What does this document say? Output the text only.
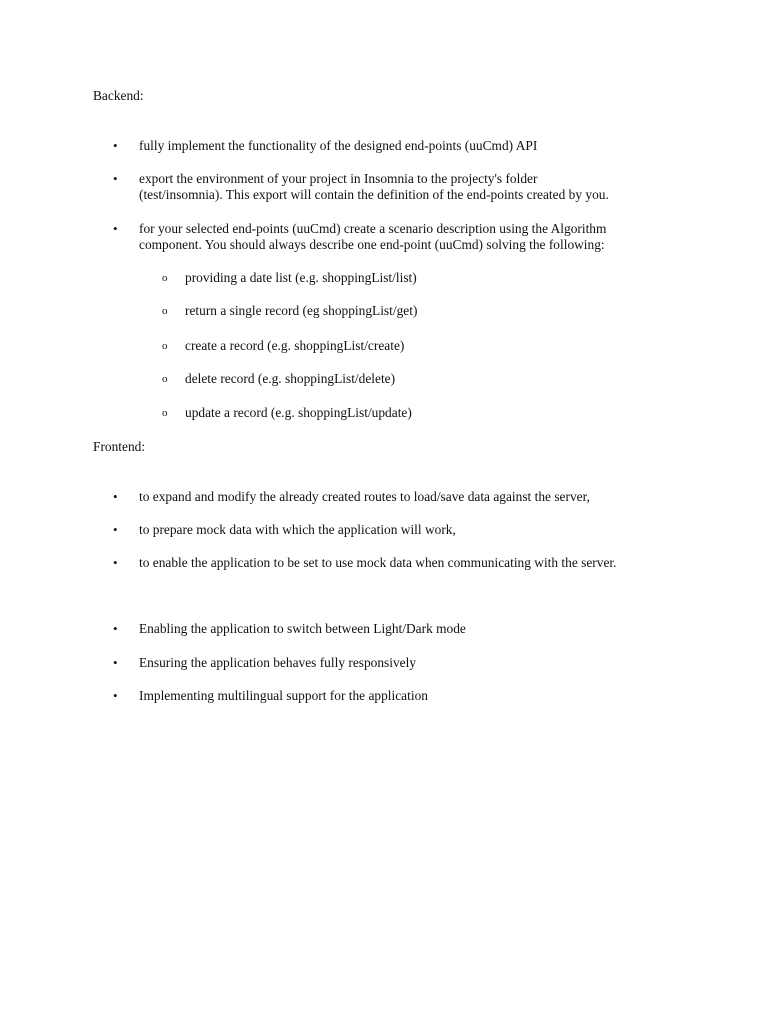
Backend:
•	fully implement the functionality of the designed end-points (uuCmd) API
•	export the environment of your project in Insomnia to the projecty's folder
(test/insomnia). This export will contain the definition of the end-points created by you.
•	for your selected end-points (uuCmd) create a scenario description using the Algorithm
component. You should always describe one end-point (uuCmd) solving the following:
o	providing a date list (e.g. shoppingList/list)
o	return a single record (eg shoppingList/get)
o	create a record (e.g. shoppingList/create)
o	delete record (e.g. shoppingList/delete)
o	update a record (e.g. shoppingList/update)
Frontend:
•	to expand and modify the already created routes to load/save data against the server,
•	to prepare mock data with which the application will work,
•	to enable the application to be set to use mock data when communicating with the server.
•	Enabling the application to switch between Light/Dark mode
•	Ensuring the application behaves fully responsively
•	Implementing multilingual support for the application
